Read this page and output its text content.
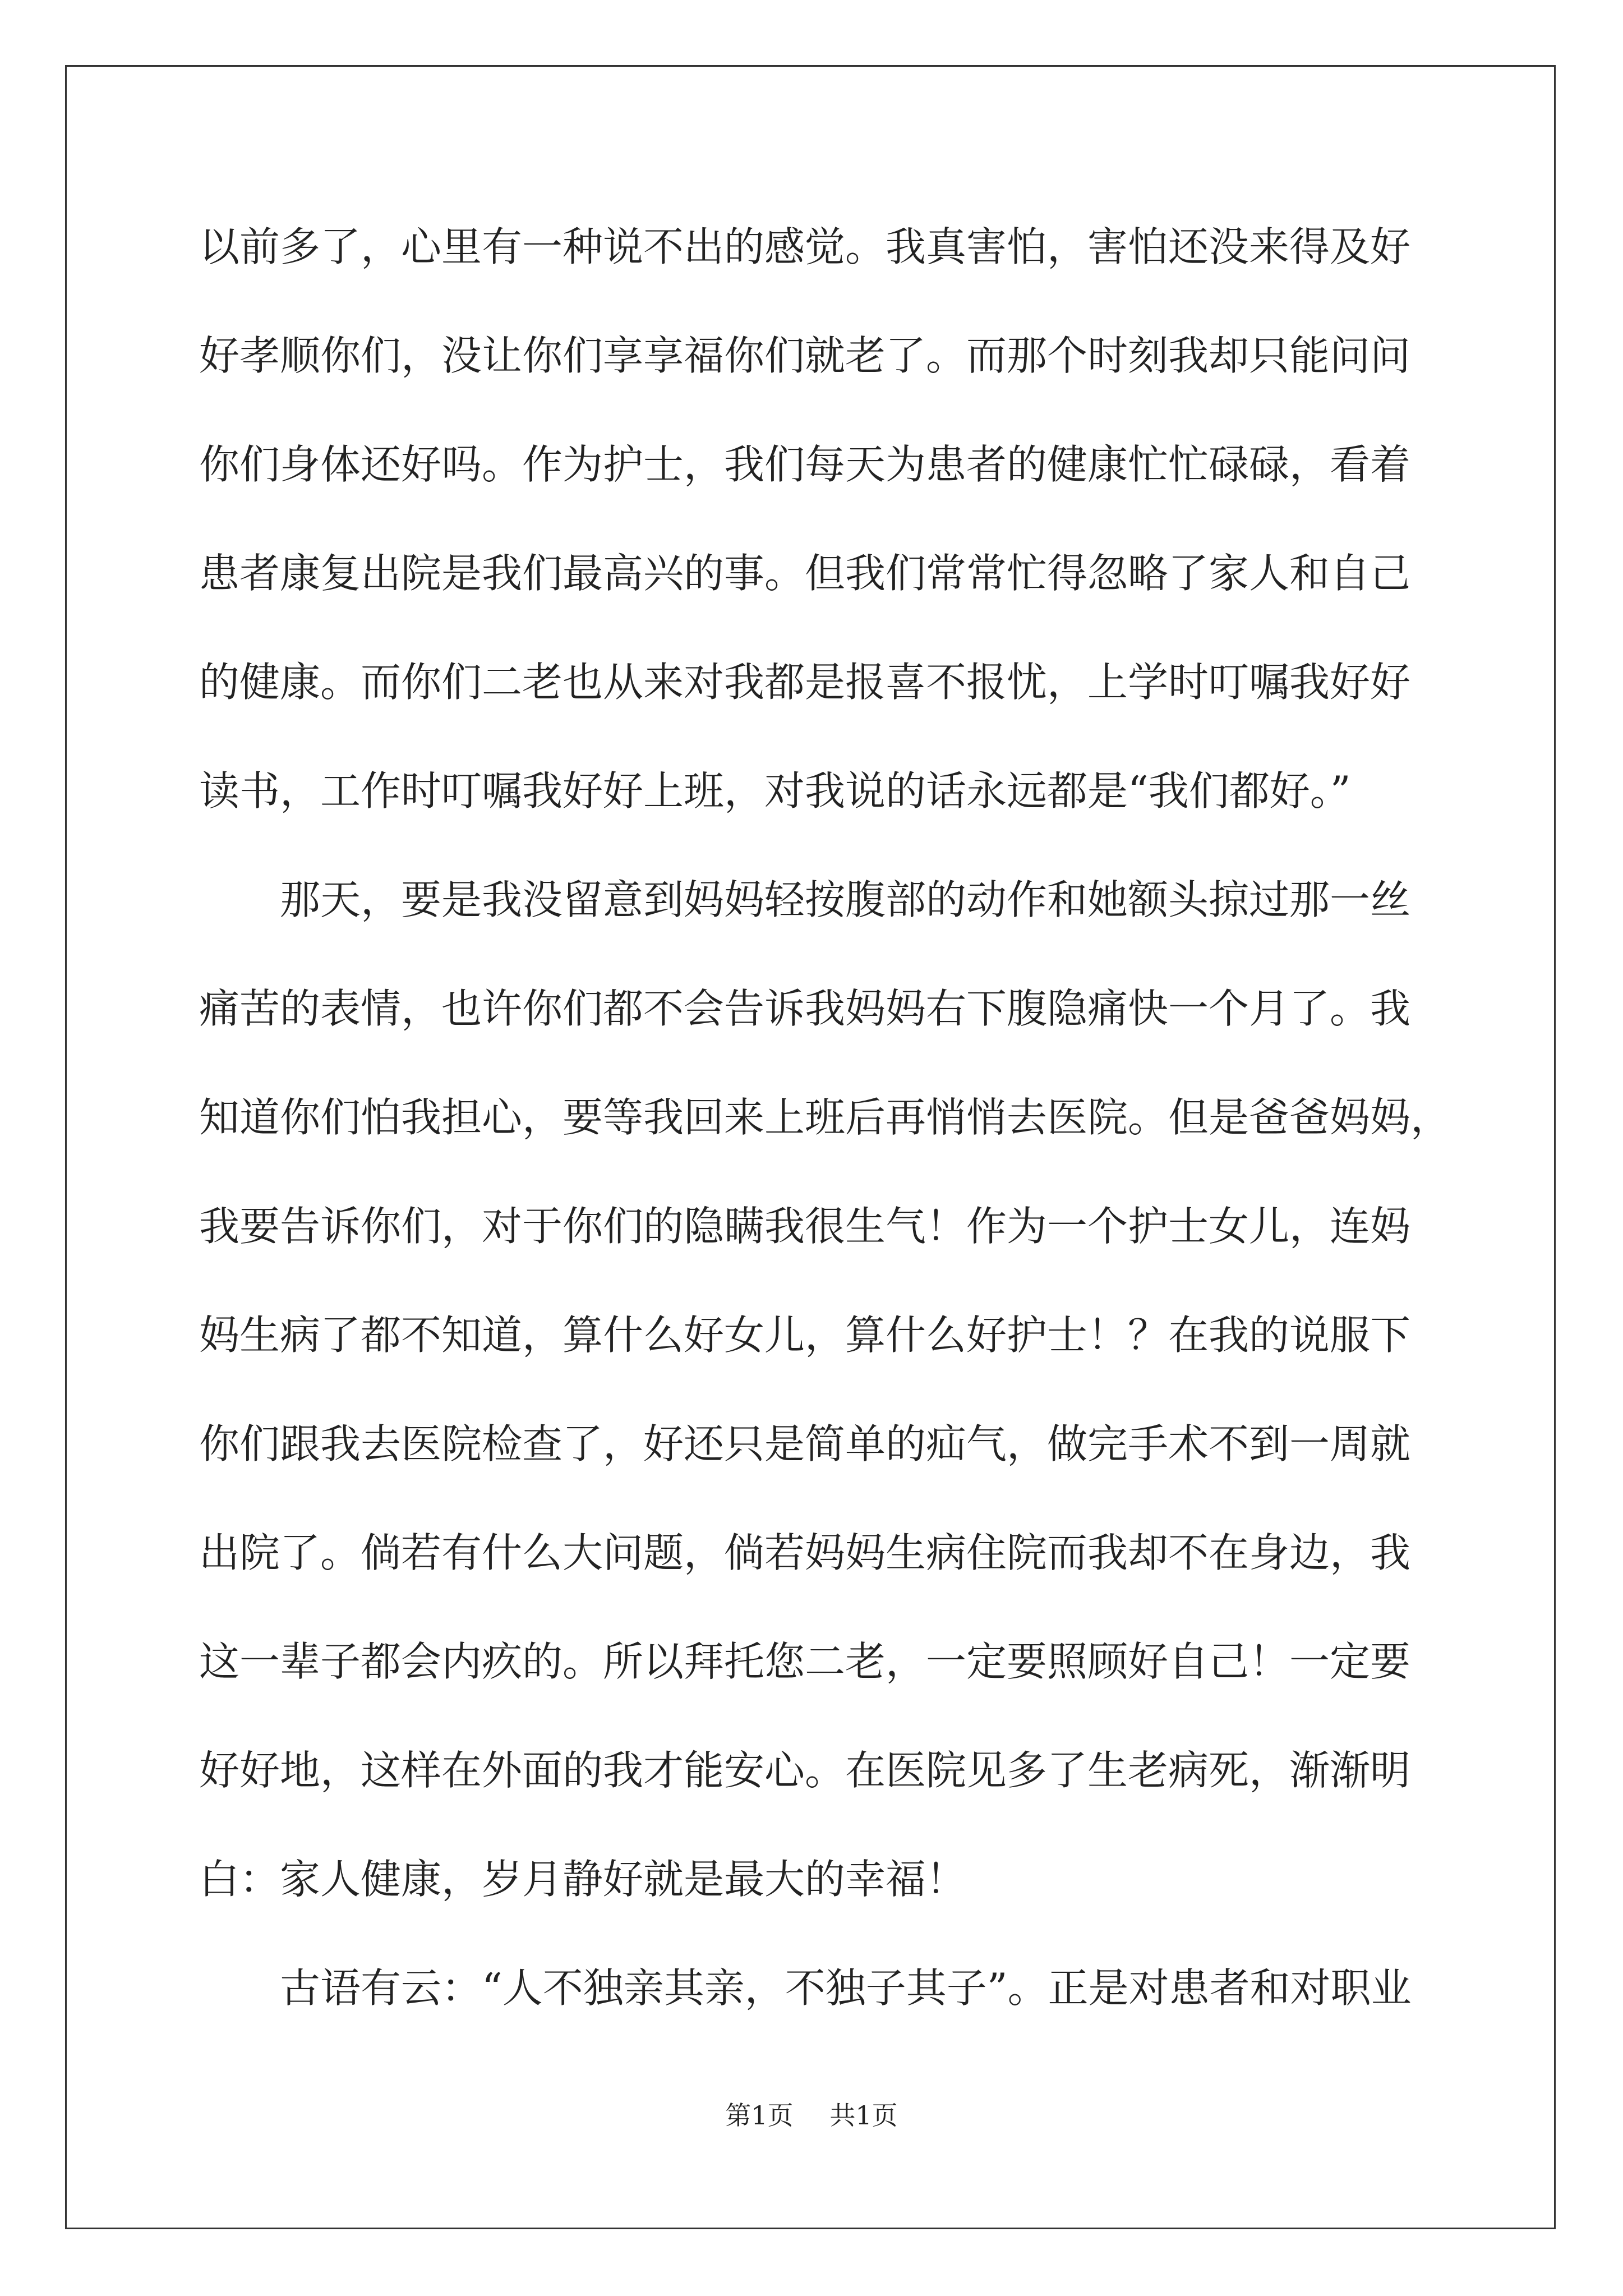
以前多了，心里有一种说不出的感觉。我真害怕，害怕还没来得及好
好孝顺你们，没让你们享享福你们就老了。而那个时刻我却只能问问
你们身体还好吗。作为护士，我们每天为患者的健康忙忙碌碌，看着
患者康复出院是我们最高兴的事。但我们常常忙得忽略了家人和自己
的健康。而你们二老也从来对我都是报喜不报忧，上学时叮嘱我好好
读书，工作时叮嘱我好好上班，对我说的话永远都是“我们都好。”
　　那天，要是我没留意到妈妈轻按腹部的动作和她额头掠过那一丝
痛苦的表情，也许你们都不会告诉我妈妈右下腹隐痛快一个月了。我
知道你们怕我担心，要等我回来上班后再悄悄去医院。但是爸爸妈妈，
我要告诉你们，对于你们的隐瞒我很生气！作为一个护士女儿，连妈
妈生病了都不知道，算什么好女儿，算什么好护士！？在我的说服下
你们跟我去医院检查了，好还只是简单的疝气，做完手术不到一周就
出院了。倘若有什么大问题，倘若妈妈生病住院而我却不在身边，我
这一辈子都会内疚的。所以拜托您二老，一定要照顾好自己！一定要
好好地，这样在外面的我才能安心。在医院见多了生老病死，渐渐明
白：家人健康，岁月静好就是最大的幸福！
　　古语有云：“人不独亲其亲，不独子其子”。正是对患者和对职业
第1页 共1页
